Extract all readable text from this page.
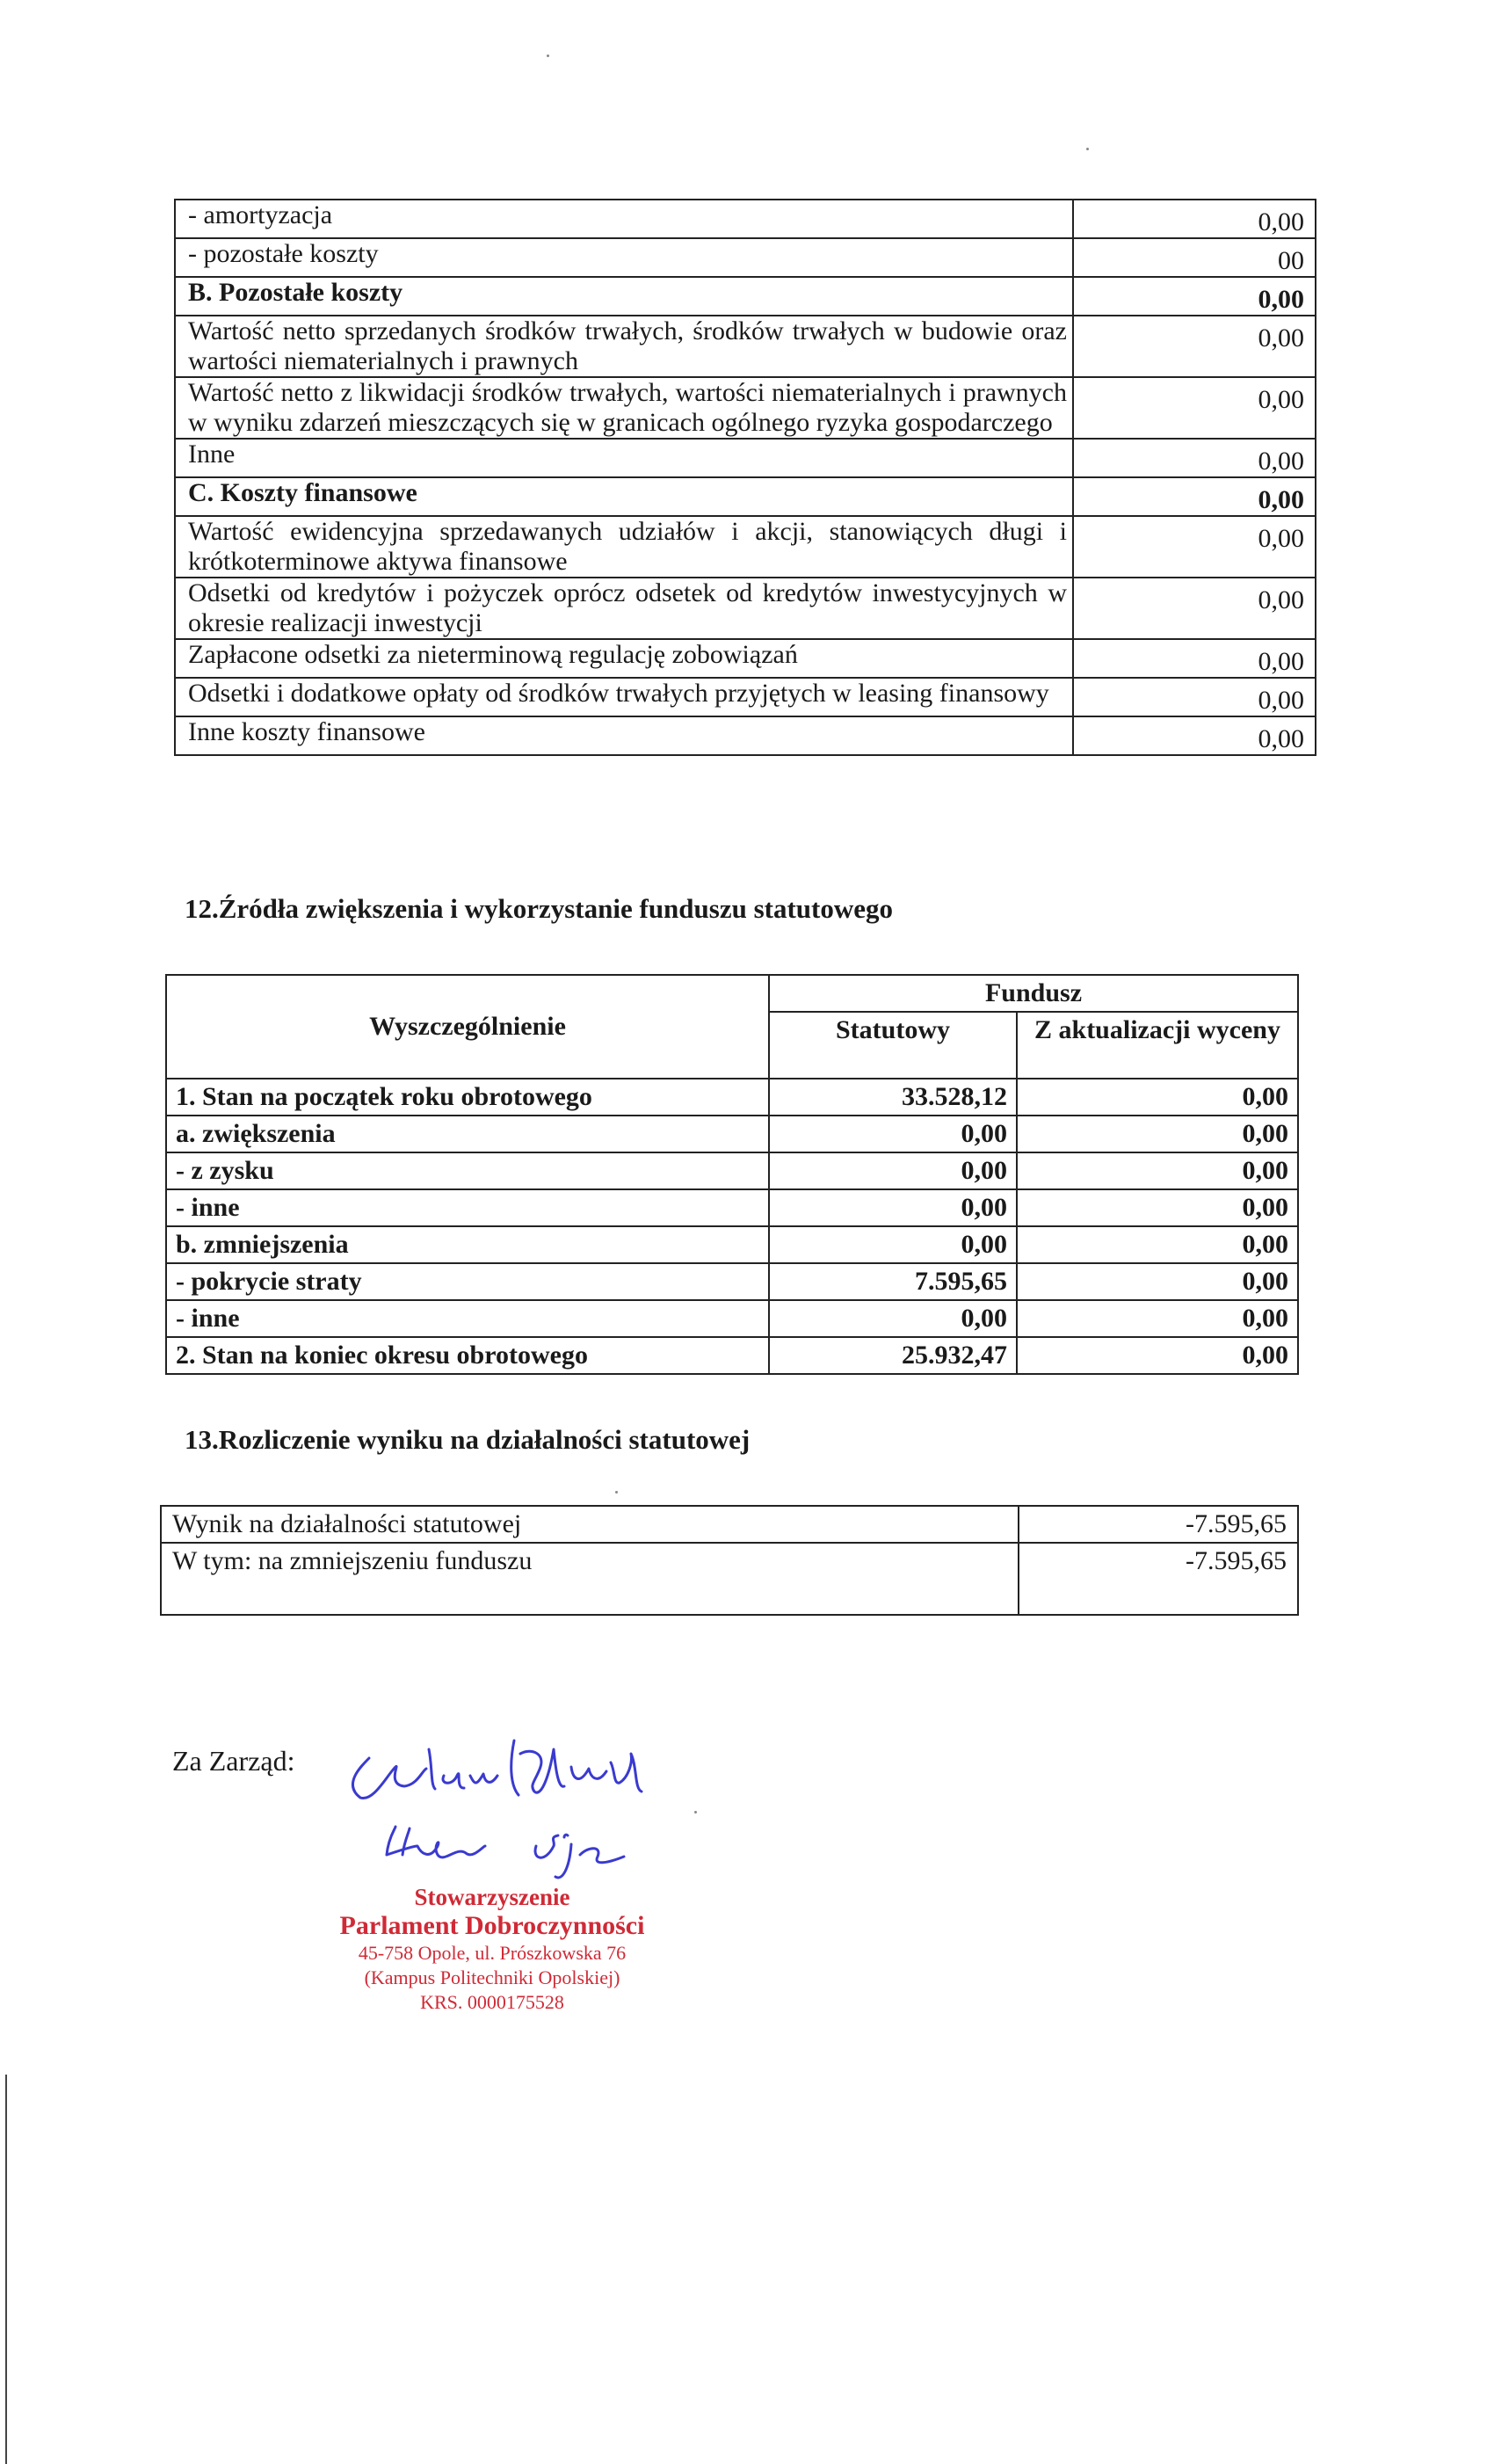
- amortyzacja	0,00
- pozostałe koszty	00
B. Pozostałe koszty	0,00
Wartość netto sprzedanych środków trwałych, środków trwałych w budowie oraz wartości niematerialnych i prawnych	0,00
Wartość netto z likwidacji środków trwałych, wartości niematerialnych i prawnych w wyniku zdarzeń mieszczących się w granicach ogólnego ryzyka gospodarczego	0,00
Inne	0,00
C. Koszty finansowe	0,00
Wartość ewidencyjna sprzedawanych udziałów i akcji, stanowiących długi i krótkoterminowe aktywa finansowe	0,00
Odsetki od kredytów i pożyczek oprócz odsetek od kredytów inwestycyjnych w okresie realizacji inwestycji	0,00
Zapłacone odsetki za nieterminową regulację zobowiązań	0,00
Odsetki i dodatkowe opłaty od środków trwałych przyjętych w leasing finansowy	0,00
Inne koszty finansowe	0,00
12.Źródła zwiększenia i wykorzystanie funduszu statutowego
Wyszczególnienie	Fundusz	
	Statutowy	Z aktualizacji wyceny
1. Stan na początek roku obrotowego	33.528,12	0,00
a. zwiększenia	0,00	0,00
- z zysku	0,00	0,00
- inne	0,00	0,00
b. zmniejszenia	0,00	0,00
- pokrycie straty	7.595,65	0,00
- inne	0,00	0,00
2. Stan na koniec okresu obrotowego	25.932,47	0,00
13.Rozliczenie wyniku na działalności statutowej
Wynik na działalności statutowej	-7.595,65
W tym: na zmniejszeniu funduszu	-7.595,65
Za Zarząd:
Stowarzyszenie
Parlament Dobroczynności
45-758 Opole, ul. Prószkowska 76
(Kampus Politechniki Opolskiej)
KRS. 0000175528
